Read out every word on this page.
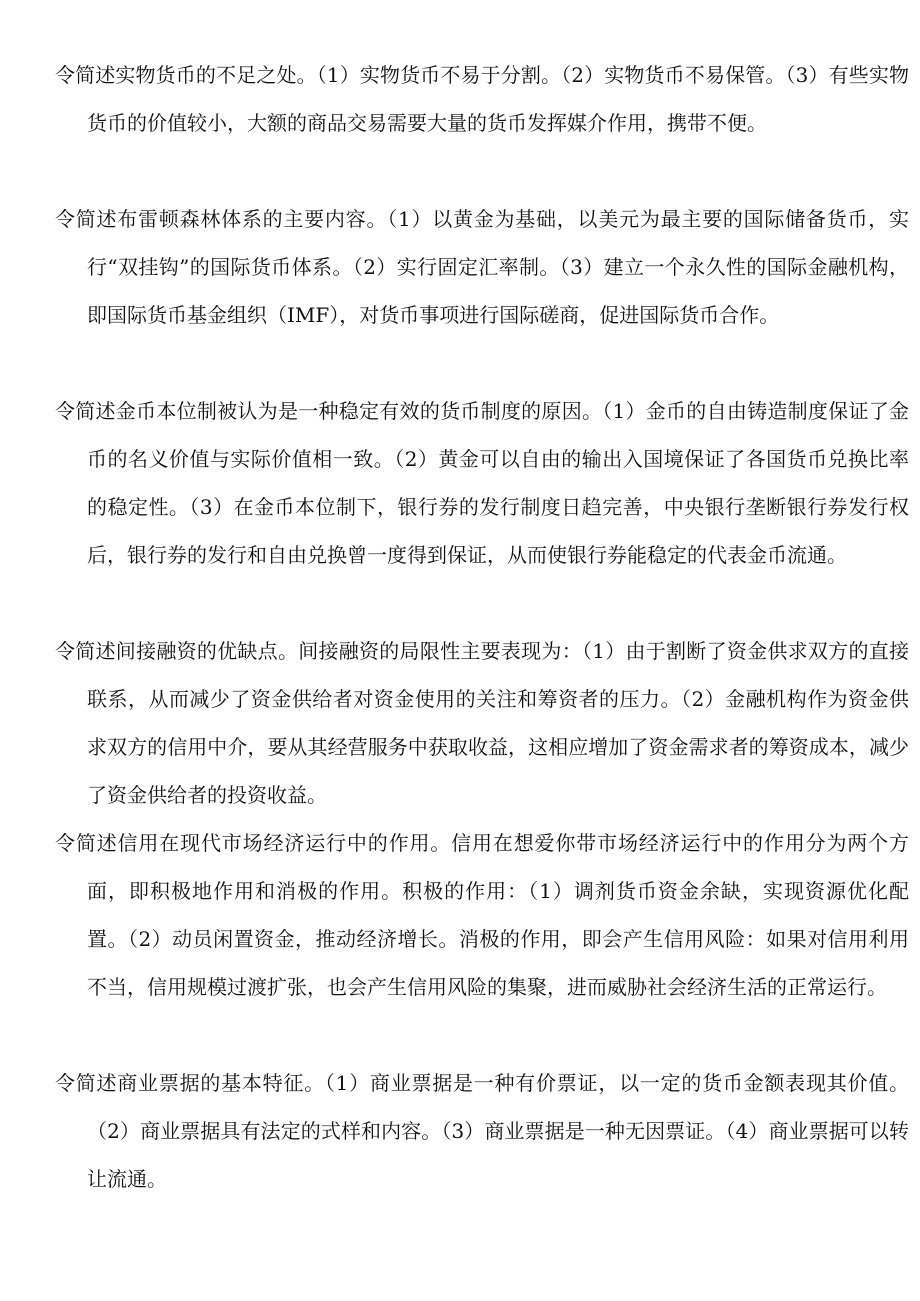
令简述实物货币的不足之处。（1）实物货币不易于分割。（2）实物货币不易保管。（3）有些实物货币的价值较小，大额的商品交易需要大量的货币发挥媒介作用，携带不便。
令简述布雷顿森林体系的主要内容。（1）以黄金为基础，以美元为最主要的国际储备货币，实行“双挂钩”的国际货币体系。（2）实行固定汇率制。（3）建立一个永久性的国际金融机构，即国际货币基金组织（IMF），对货币事项进行国际磋商，促进国际货币合作。
令简述金币本位制被认为是一种稳定有效的货币制度的原因。（1）金币的自由铸造制度保证了金币的名义价值与实际价值相一致。（2）黄金可以自由的输出入国境保证了各国货币兑换比率的稳定性。（3）在金币本位制下，银行券的发行制度日趋完善，中央银行垄断银行券发行权后，银行券的发行和自由兑换曾一度得到保证，从而使银行券能稳定的代表金币流通。
令简述间接融资的优缺点。间接融资的局限性主要表现为：（1）由于割断了资金供求双方的直接联系，从而减少了资金供给者对资金使用的关注和筹资者的压力。（2）金融机构作为资金供求双方的信用中介，要从其经营服务中获取收益，这相应增加了资金需求者的筹资成本，减少了资金供给者的投资收益。
令简述信用在现代市场经济运行中的作用。信用在想爱你带市场经济运行中的作用分为两个方面，即积极地作用和消极的作用。积极的作用：（1）调剂货币资金余缺，实现资源优化配置。（2）动员闲置资金，推动经济增长。消极的作用，即会产生信用风险：如果对信用利用不当，信用规模过渡扩张，也会产生信用风险的集聚，进而威胁社会经济生活的正常运行。
令简述商业票据的基本特征。（1）商业票据是一种有价票证，以一定的货币金额表现其价值。（2）商业票据具有法定的式样和内容。（3）商业票据是一种无因票证。（4）商业票据可以转让流通。
